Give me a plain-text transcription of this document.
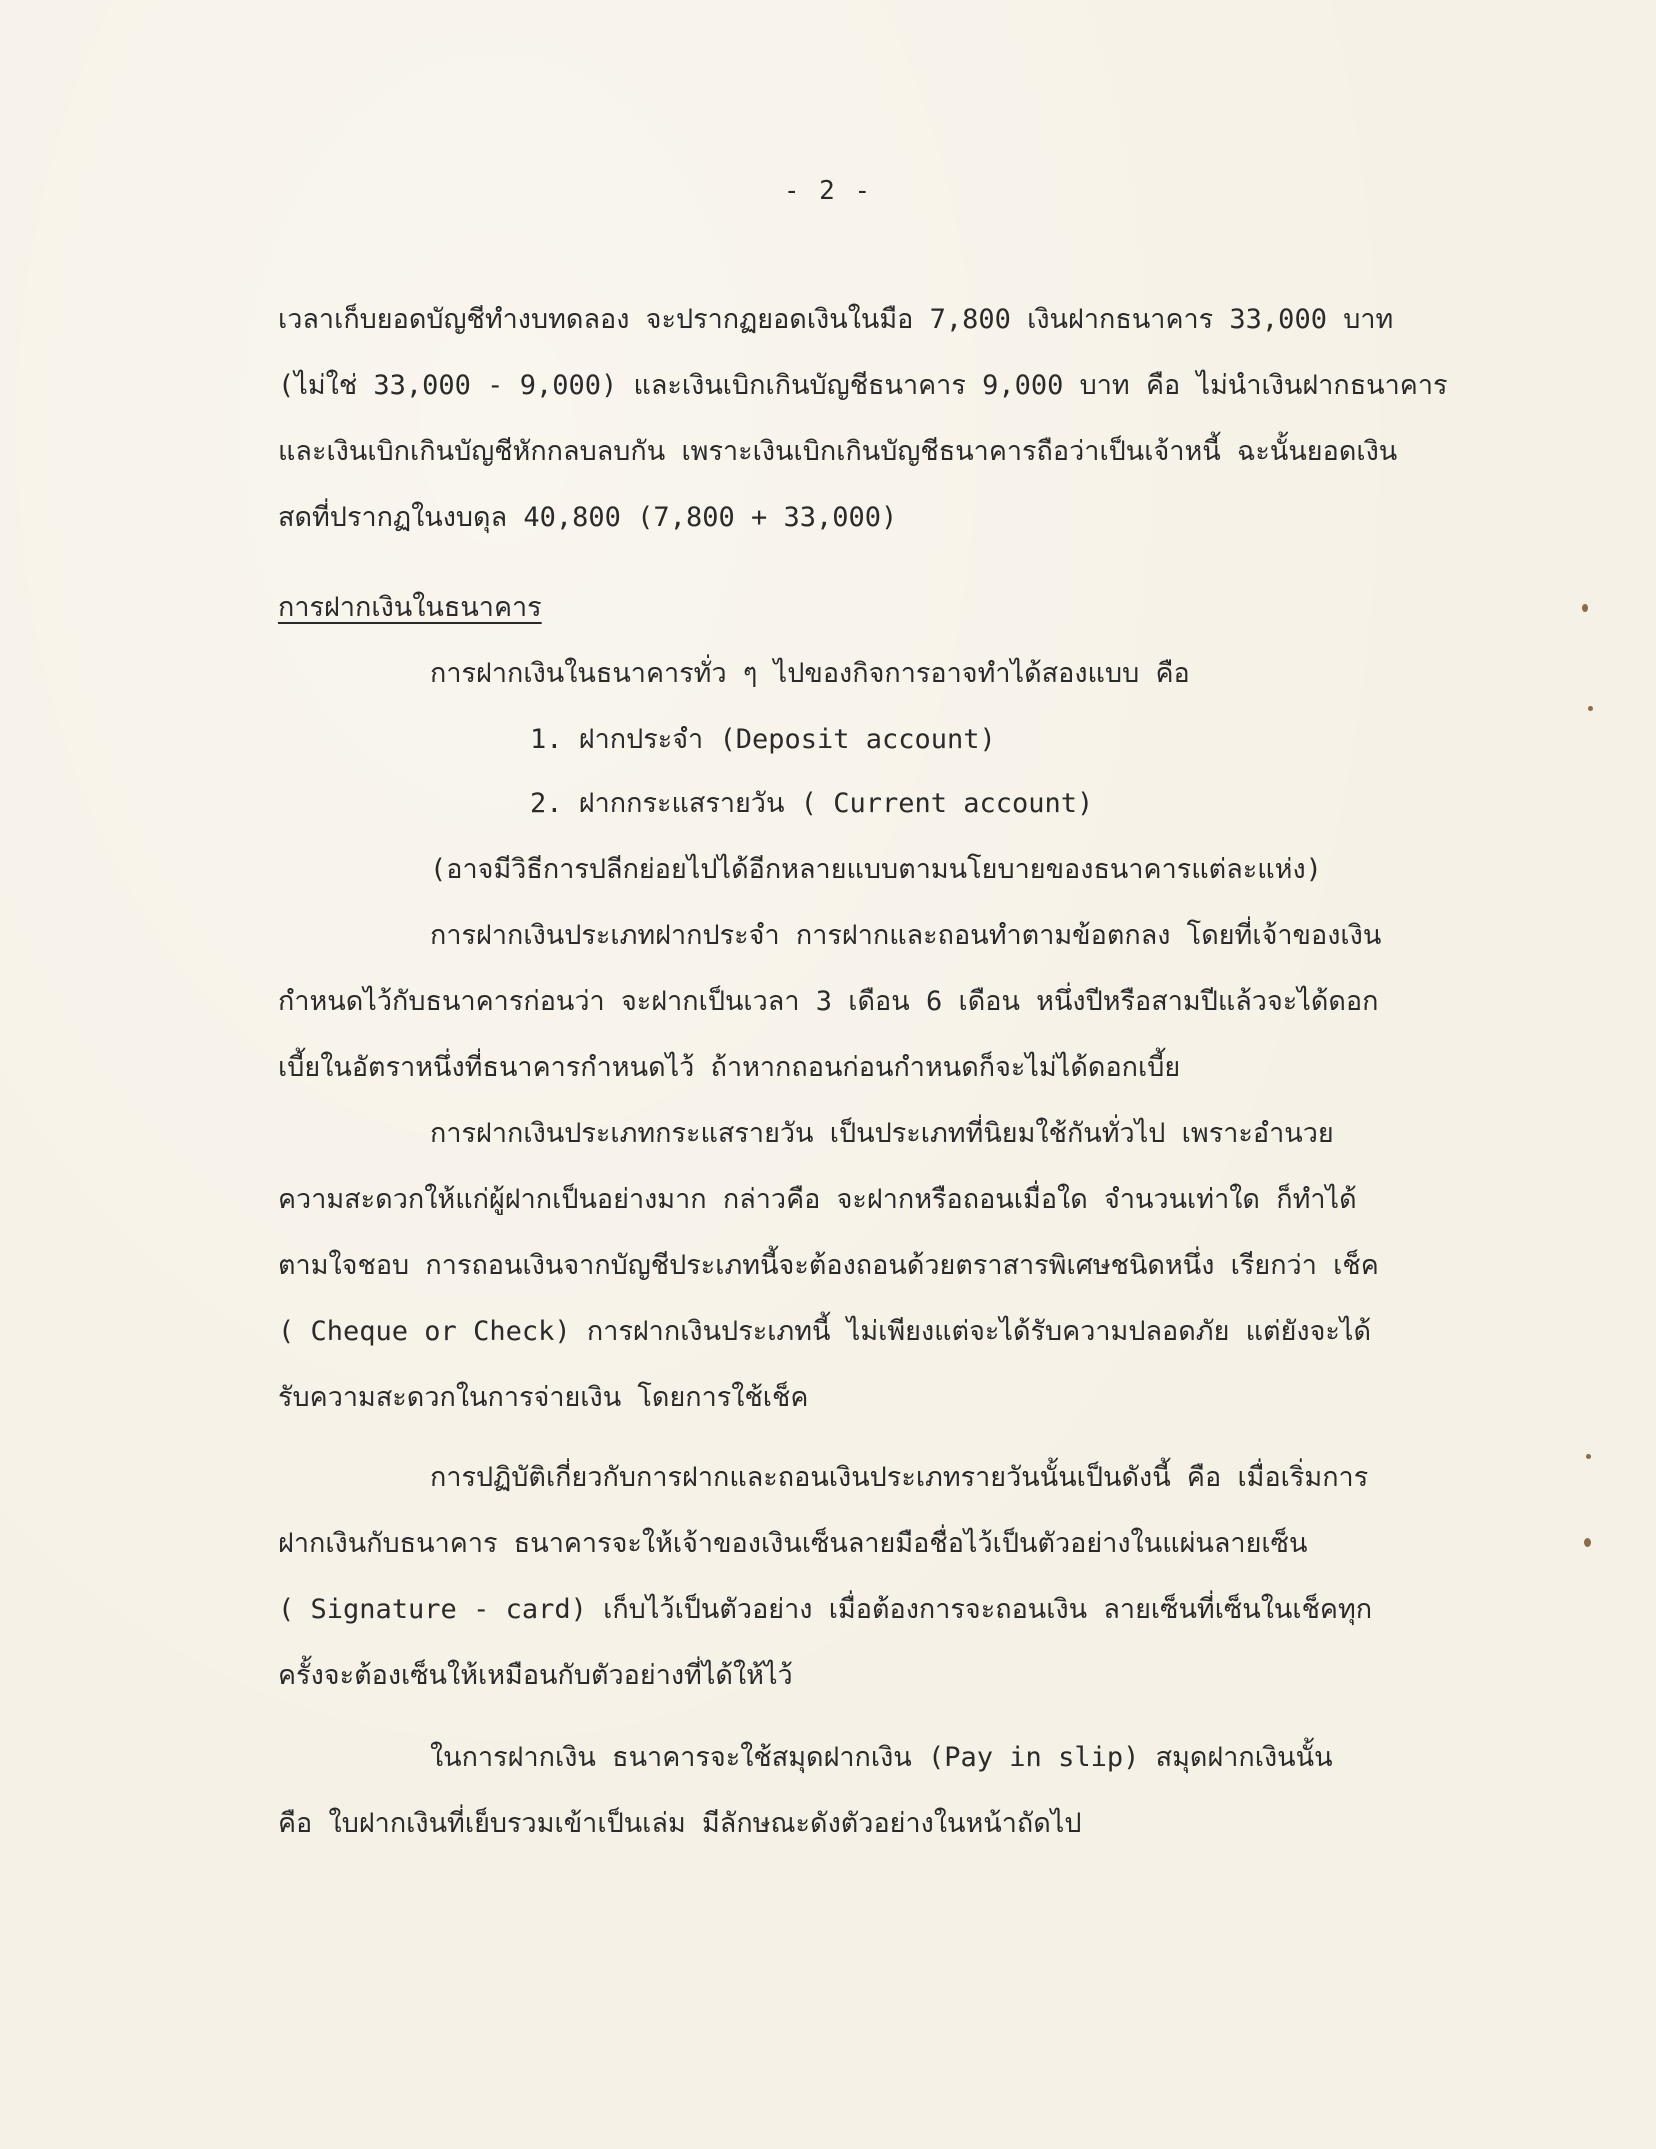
- 2 -
เวลาเก็บยอดบัญชีทำงบทดลอง จะปรากฏยอดเงินในมือ 7,800 เงินฝากธนาคาร 33,000 บาท
(ไม่ใช่ 33,000 - 9,000) และเงินเบิกเกินบัญชีธนาคาร 9,000 บาท คือ ไม่นำเงินฝากธนาคาร
และเงินเบิกเกินบัญชีหักกลบลบกัน เพราะเงินเบิกเกินบัญชีธนาคารถือว่าเป็นเจ้าหนี้ ฉะนั้นยอดเงิน
สดที่ปรากฏในงบดุล 40,800 (7,800 + 33,000)
การฝากเงินในธนาคาร
การฝากเงินในธนาคารทั่ว ๆ ไปของกิจการอาจทำได้สองแบบ คือ
1. ฝากประจำ (Deposit account)
2. ฝากกระแสรายวัน ( Current account)
(อาจมีวิธีการปลีกย่อยไปได้อีกหลายแบบตามนโยบายของธนาคารแต่ละแห่ง)
การฝากเงินประเภทฝากประจำ การฝากและถอนทำตามข้อตกลง โดยที่เจ้าของเงิน
กำหนดไว้กับธนาคารก่อนว่า จะฝากเป็นเวลา 3 เดือน 6 เดือน หนึ่งปีหรือสามปีแล้วจะได้ดอก
เบี้ยในอัตราหนึ่งที่ธนาคารกำหนดไว้ ถ้าหากถอนก่อนกำหนดก็จะไม่ได้ดอกเบี้ย
การฝากเงินประเภทกระแสรายวัน เป็นประเภทที่นิยมใช้กันทั่วไป เพราะอำนวย
ความสะดวกให้แก่ผู้ฝากเป็นอย่างมาก กล่าวคือ จะฝากหรือถอนเมื่อใด จำนวนเท่าใด ก็ทำได้
ตามใจชอบ การถอนเงินจากบัญชีประเภทนี้จะต้องถอนด้วยตราสารพิเศษชนิดหนึ่ง เรียกว่า เช็ค
( Cheque or Check) การฝากเงินประเภทนี้ ไม่เพียงแต่จะได้รับความปลอดภัย แต่ยังจะได้
รับความสะดวกในการจ่ายเงิน โดยการใช้เช็ค
การปฏิบัติเกี่ยวกับการฝากและถอนเงินประเภทรายวันนั้นเป็นดังนี้ คือ เมื่อเริ่มการ
ฝากเงินกับธนาคาร ธนาคารจะให้เจ้าของเงินเซ็นลายมือชื่อไว้เป็นตัวอย่างในแผ่นลายเซ็น
( Signature - card) เก็บไว้เป็นตัวอย่าง เมื่อต้องการจะถอนเงิน ลายเซ็นที่เซ็นในเช็คทุก
ครั้งจะต้องเซ็นให้เหมือนกับตัวอย่างที่ได้ให้ไว้
ในการฝากเงิน ธนาคารจะใช้สมุดฝากเงิน (Pay in slip) สมุดฝากเงินนั้น
คือ ใบฝากเงินที่เย็บรวมเข้าเป็นเล่ม มีลักษณะดังตัวอย่างในหน้าถัดไป
